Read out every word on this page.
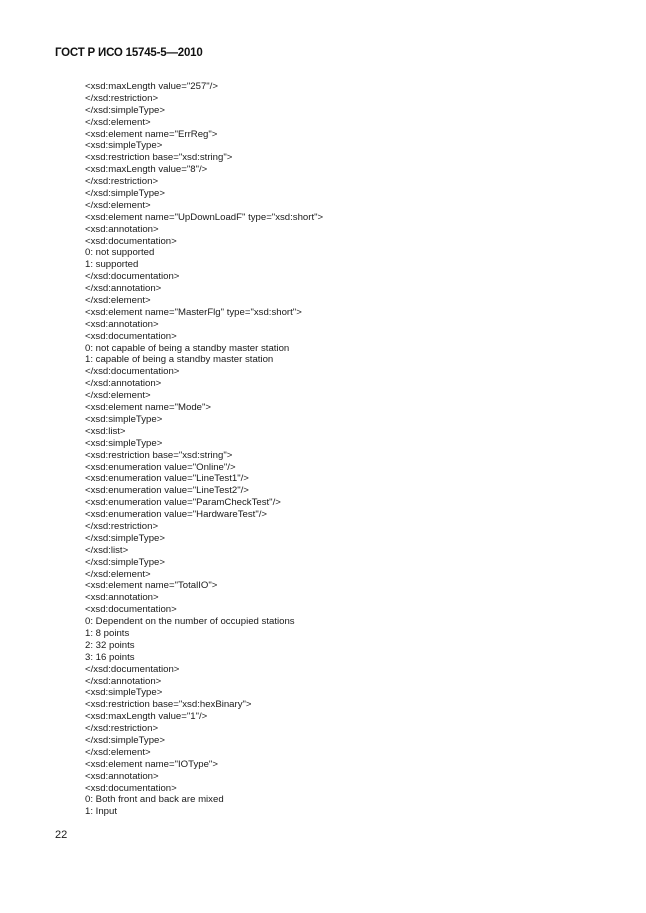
ГОСТ Р ИСО 15745-5—2010
<xsd:maxLength value="257"/>
</xsd:restriction>
</xsd:simpleType>
</xsd:element>
<xsd:element name="ErrReg">
<xsd:simpleType>
<xsd:restriction base="xsd:string">
<xsd:maxLength value="8"/>
</xsd:restriction>
</xsd:simpleType>
</xsd:element>
<xsd:element name="UpDownLoadF" type="xsd:short">
<xsd:annotation>
<xsd:documentation>
0: not supported
1: supported
</xsd:documentation>
</xsd:annotation>
</xsd:element>
<xsd:element name="MasterFlg" type="xsd:short">
<xsd:annotation>
<xsd:documentation>
0: not capable of being a standby master station
1: capable of being a standby master station
</xsd:documentation>
</xsd:annotation>
</xsd:element>
<xsd:element name="Mode">
<xsd:simpleType>
<xsd:list>
<xsd:simpleType>
<xsd:restriction base="xsd:string">
<xsd:enumeration value="Online"/>
<xsd:enumeration value="LineTest1"/>
<xsd:enumeration value="LineTest2"/>
<xsd:enumeration value="ParamCheckTest"/>
<xsd:enumeration value="HardwareTest"/>
</xsd:restriction>
</xsd:simpleType>
</xsd:list>
</xsd:simpleType>
</xsd:element>
<xsd:element name="TotalIO">
<xsd:annotation>
<xsd:documentation>
0: Dependent on the number of occupied stations
1: 8 points
2: 32 points
3: 16 points
</xsd:documentation>
</xsd:annotation>
<xsd:simpleType>
<xsd:restriction base="xsd:hexBinary">
<xsd:maxLength value="1"/>
</xsd:restriction>
</xsd:simpleType>
</xsd:element>
<xsd:element name="IOType">
<xsd:annotation>
<xsd:documentation>
0: Both front and back are mixed
1: Input
22
